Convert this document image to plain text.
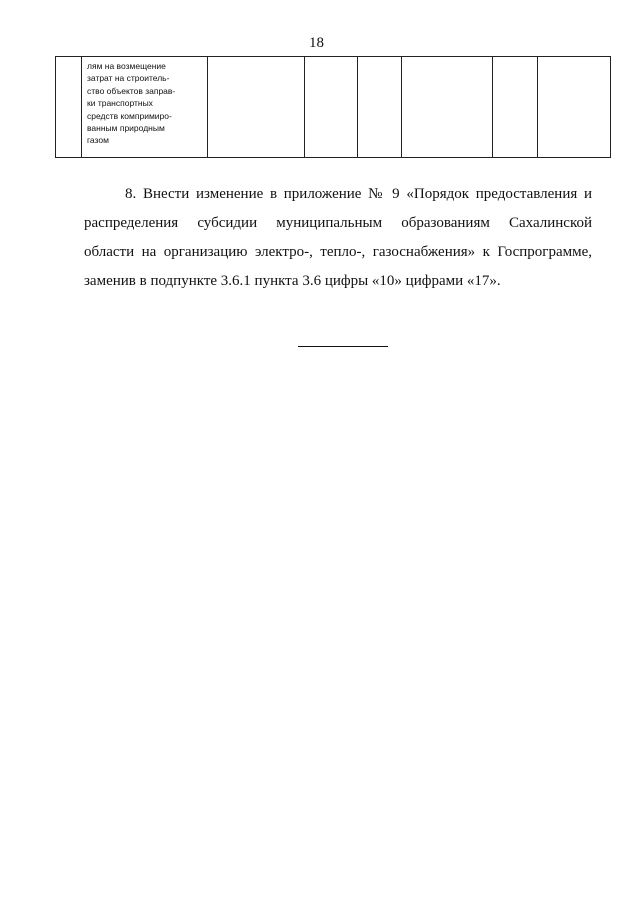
18

лям на возмещение
затрат на строитель-
ство объектов заправ-
ки транспортных
средств компримиро-
ванным природным
газом

8. Внести изменение в приложение № 9 «Порядок предоставления и
распределения субсидии муниципальным образованиям Сахалинской
области на организацию электро-, тепло-, газоснабжения» к Госпрограмме,
заменив в подпункте 3.6.1 пункта 3.6 цифры «10» цифрами «17».
